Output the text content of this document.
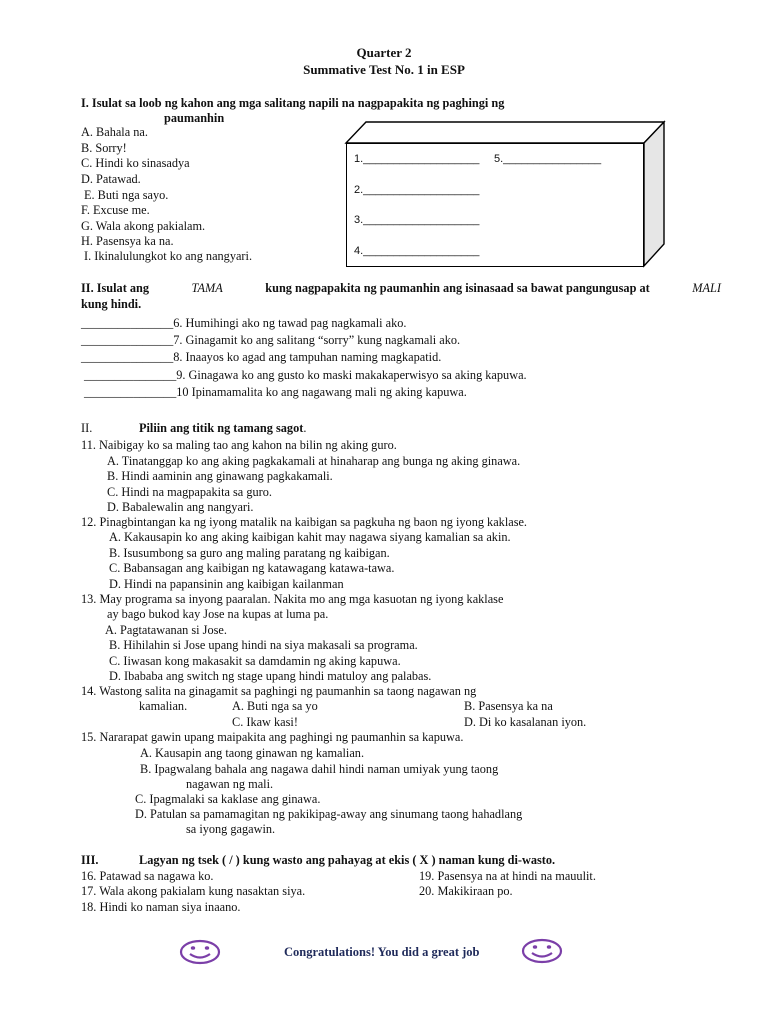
Quarter 2
Summative Test No. 1 in ESP
I. Isulat sa loob ng kahon ang mga salitang napili na nagpapakita ng paghingi ng
paumanhin
A. Bahala na.
B. Sorry!
C. Hindi ko sinasadya
D. Patawad.
E. Buti nga sayo.
F. Excuse me.
G. Wala akong pakialam.
H. Pasensya ka na.
I. Ikinalulungkot ko ang nangyari.
1.___________________ 5.________________
2.___________________
3.___________________
4.___________________
II. Isulat ang	TAMA	kung nagpapakita ng paumanhin ang isinasaad sa bawat pangungusap at	MALI
kung hindi.
_______________6. Humihingi ako ng tawad pag nagkamali ako.
_______________7. Ginagamit ko ang salitang “sorry” kung nagkamali ako.
_______________8. Inaayos ko agad ang tampuhan naming magkapatid.
_______________9. Ginagawa ko ang gusto ko maski makakaperwisyo sa aking kapuwa.
_______________10 Ipinamamalita ko ang nagawang mali ng aking kapuwa.
II.	Piliin ang titik ng tamang sagot.
11. Naibigay ko sa maling tao ang kahon na bilin ng aking guro.
A. Tinatanggap ko ang aking pagkakamali at hinaharap ang bunga ng aking ginawa.
B. Hindi aaminin ang ginawang pagkakamali.
C. Hindi na magpapakita sa guro.
D. Babalewalin ang nangyari.
12. Pinagbintangan ka ng iyong matalik na kaibigan sa pagkuha ng baon ng iyong kaklase.
A. Kakausapin ko ang aking kaibigan kahit may nagawa siyang kamalian sa akin.
B. Isusumbong sa guro ang maling paratang ng kaibigan.
C. Babansagan ang kaibigan ng katawagang katawa-tawa.
D. Hindi na papansinin ang kaibigan kailanman
13. May programa sa inyong paaralan. Nakita mo ang mga kasuotan ng iyong kaklase
ay bago bukod kay Jose na kupas at luma pa.
A. Pagtatawanan si Jose.
B. Hihilahin si Jose upang hindi na siya makasali sa programa.
C. Iiwasan kong makasakit sa damdamin ng aking kapuwa.
D. Ibababa ang switch ng stage upang hindi matuloy ang palabas.
14. Wastong salita na ginagamit sa paghingi ng paumanhin sa taong nagawan ng
kamalian.	A. Buti nga sa yo	B. Pasensya ka na
C. Ikaw kasi!	D. Di ko kasalanan iyon.
15. Nararapat gawin upang maipakita ang paghingi ng paumanhin sa kapuwa.
A. Kausapin ang taong ginawan ng kamalian.
B. Ipagwalang bahala ang nagawa dahil hindi naman umiyak yung taong
nagawan ng mali.
C. Ipagmalaki sa kaklase ang ginawa.
D. Patulan sa pamamagitan ng pakikipag-away ang sinumang taong hahadlang
sa iyong gagawin.
III.	Lagyan ng tsek ( / ) kung wasto ang pahayag at ekis ( X ) naman kung di-wasto.
16. Patawad sa nagawa ko.	19. Pasensya na at hindi na mauulit.
17. Wala akong pakialam kung nasaktan siya.	20. Makikiraan po.
18. Hindi ko naman siya inaano.
Congratulations! You did a great job
